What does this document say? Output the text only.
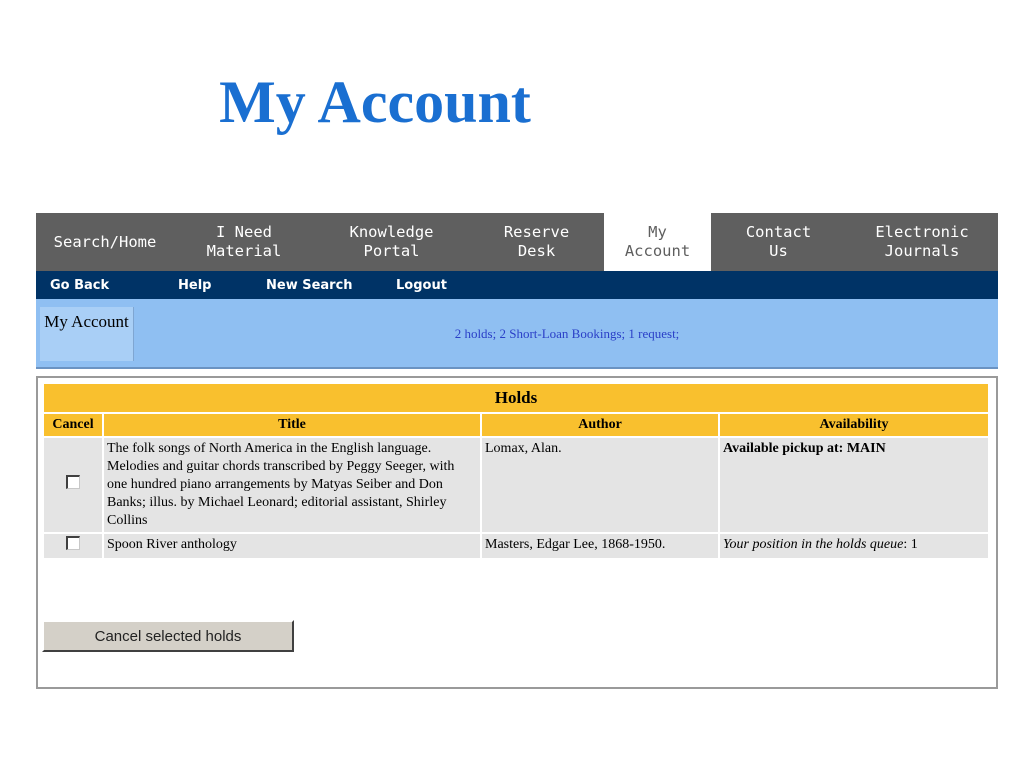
My Account
Search/Home
I Need
Material
Knowledge
Portal
Reserve
Desk
My
Account
Contact
Us
Electronic
Journals
Go Back	Help	New Search	Logout
My Account
2 holds; 2 Short-Loan Bookings; 1 request;
Holds			
Cancel	Title	Author	Availability
	The folk songs of North America in the English language. Melodies and guitar chords transcribed by Peggy Seeger, with one hundred piano arrangements by Matyas Seiber and Don Banks; illus. by Michael Leonard; editorial assistant, Shirley Collins	Lomax, Alan.	Available pickup at: MAIN
	Spoon River anthology	Masters, Edgar Lee, 1868-1950.	Your position in the holds queue: 1
Cancel selected holds
